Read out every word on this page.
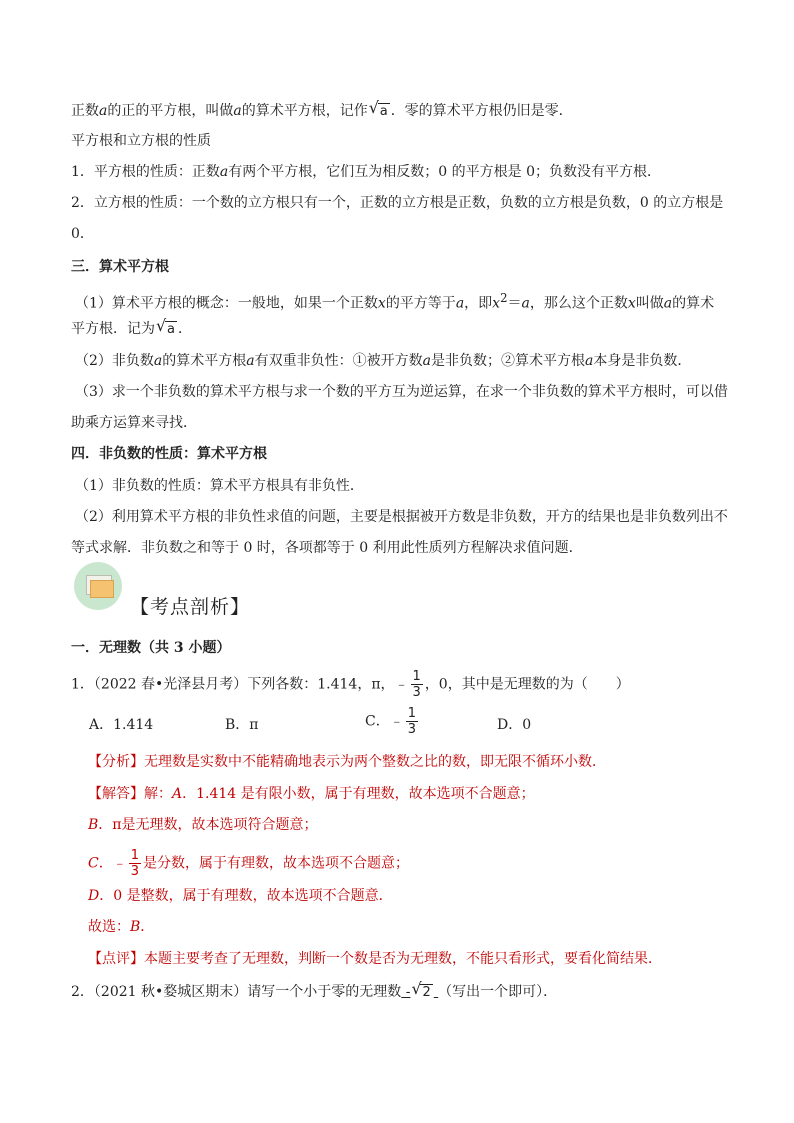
正数a的正的平方根，叫做a的算术平方根，记作 √ a ．零的算术平方根仍旧是零．
平方根和立方根的性质
1．平方根的性质：正数a有两个平方根，它们互为相反数；0 的平方根是 0；负数没有平方根．
2．立方根的性质：一个数的立方根只有一个，正数的立方根是正数，负数的立方根是负数，0 的立方根是
0．
三．算术平方根
（1）算术平方根的概念：一般地，如果一个正数x的平方等于a，即$x^2=a$，那么这个正数x叫做a的算术
平方根．记为 √ a ．
（2）非负数a的算术平方根a有双重非负性：①被开方数a是非负数；②算术平方根a本身是非负数．
（3）求一个非负数的算术平方根与求一个数的平方互为逆运算，在求一个非负数的算术平方根时，可以借
助乘方运算来寻找．
四．非负数的性质：算术平方根
（1）非负数的性质：算术平方根具有非负性．
（2）利用算术平方根的非负性求值的问题，主要是根据被开方数是非负数，开方的结果也是非负数列出不
等式求解．非负数之和等于 0 时，各项都等于 0 利用此性质列方程解决求值问题．
【考点剖析】
一．无理数（共 3 小题）
1．（2022 春•光泽县月考）下列各数：1.414，π，﹣ $\frac{1}{3}$ ，0，其中是无理数的为（　　）
A．1.414	B．π	C．﹣ $\frac{1}{3}$	D．0
【分析】无理数是实数中不能精确地表示为两个整数之比的数，即无限不循环小数．
【解答】解：A．1.414 是有限小数，属于有理数，故本选项不合题意；
B．π是无理数，故本选项符合题意；
C．﹣ $\frac{1}{3}$ 是分数，属于有理数，故本选项不合题意；
D．0 是整数，属于有理数，故本选项不合题意．
故选：B．
【点评】本题主要考查了无理数，判断一个数是否为无理数，不能只看形式，要看化简结果．
2．（2021 秋•婺城区期末）请写一个小于零的无理数 - √ 2 （写出一个即可）．
